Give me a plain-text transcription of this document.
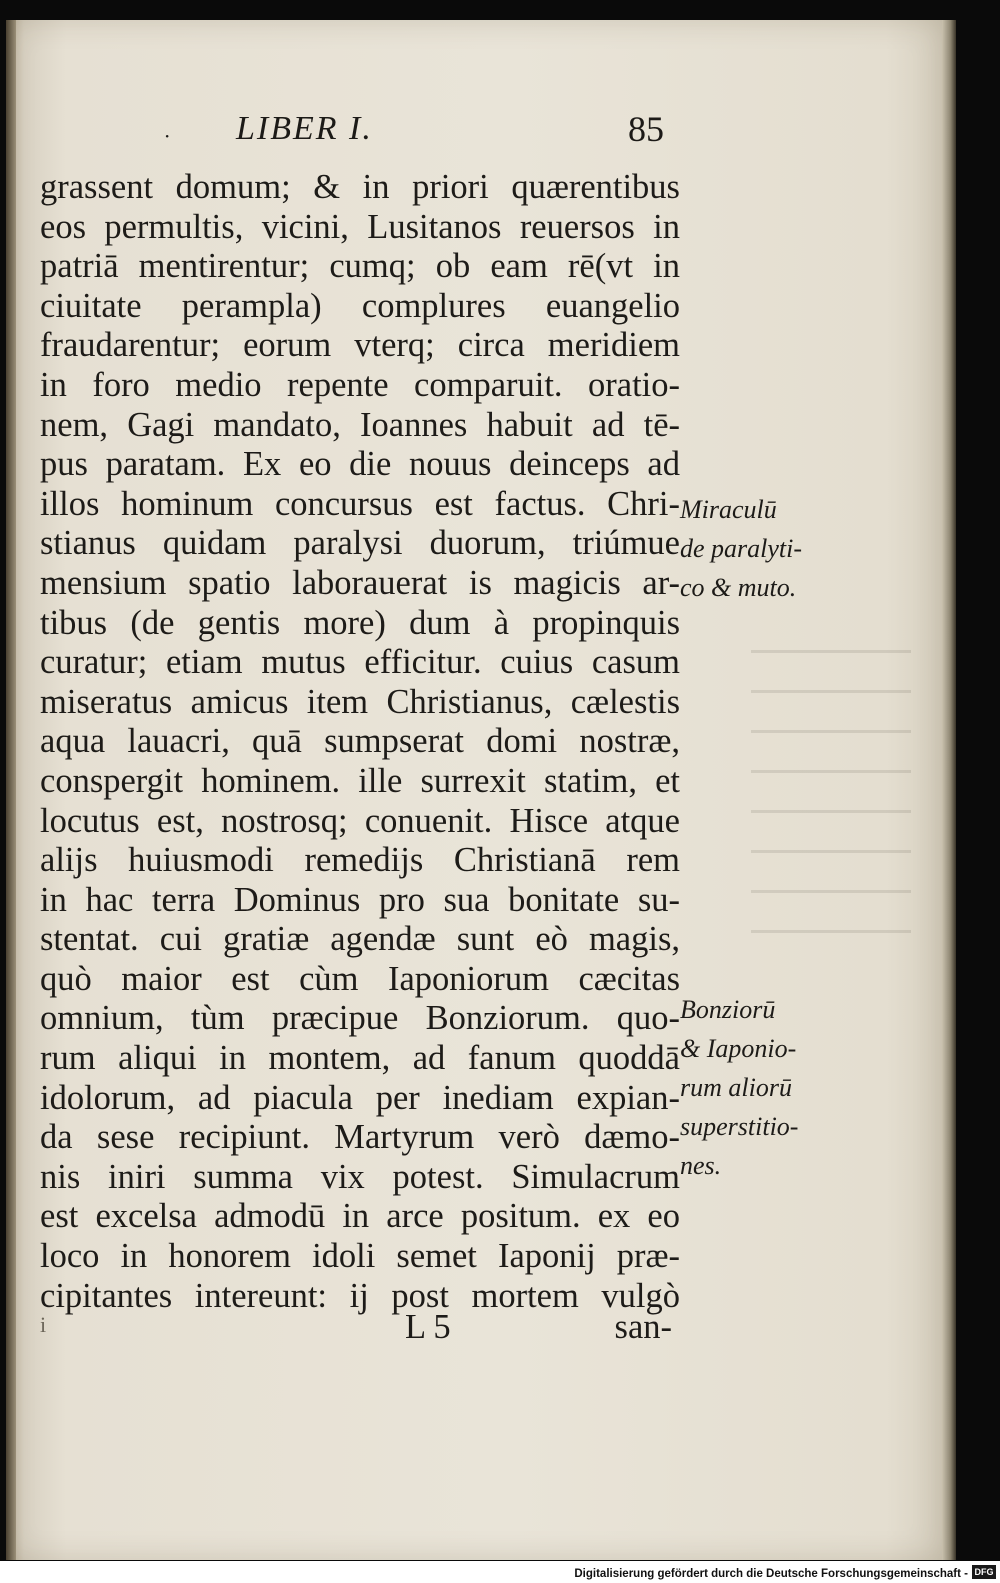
· LIBER I.	85
grassent domum; & in priori quærentibus
eos permultis, vicini, Lusitanos reuersos in
patriā mentirentur; cumq; ob eam rē(vt in
ciuitate perampla) complures euangelio
fraudarentur; eorum vterq; circa meridiem
in foro medio repente comparuit. oratio-
nem, Gagi mandato, Ioannes habuit ad tē-
pus paratam. Ex eo die nouus deinceps ad
illos hominum concursus est factus. Chri-
stianus quidam paralysi duorum, triúmue
mensium spatio laborauerat is magicis ar-
tibus (de gentis more) dum à propinquis
curatur; etiam mutus efficitur. cuius casum
miseratus amicus item Christianus, cælestis
aqua lauacri, quā sumpserat domi nostræ,
conspergit hominem. ille surrexit statim, et
locutus est, nostrosq; conuenit. Hisce atque
alijs huiusmodi remedijs Christianā rem
in hac terra Dominus pro sua bonitate su-
stentat. cui gratiæ agendæ sunt eò magis,
quò maior est cùm Iaponiorum cæcitas
omnium, tùm præcipue Bonziorum. quo-
rum aliqui in montem, ad fanum quoddā
idolorum, ad piacula per inediam expian-
da sese recipiunt. Martyrum verò dæmo-
nis iniri summa vix potest. Simulacrum
est excelsa admodū in arce positum. ex eo
loco in honorem idoli semet Iaponij præ-
cipitantes intereunt: ij post mortem vulgò
Miraculū
de paralyti-
co & muto.
Bonziorū
& Iaponio-
rum aliorū
superstitio-
nes.
i	L 5	san-
Digitalisierung gefördert durch die Deutsche Forschungsgemeinschaft - DFG
